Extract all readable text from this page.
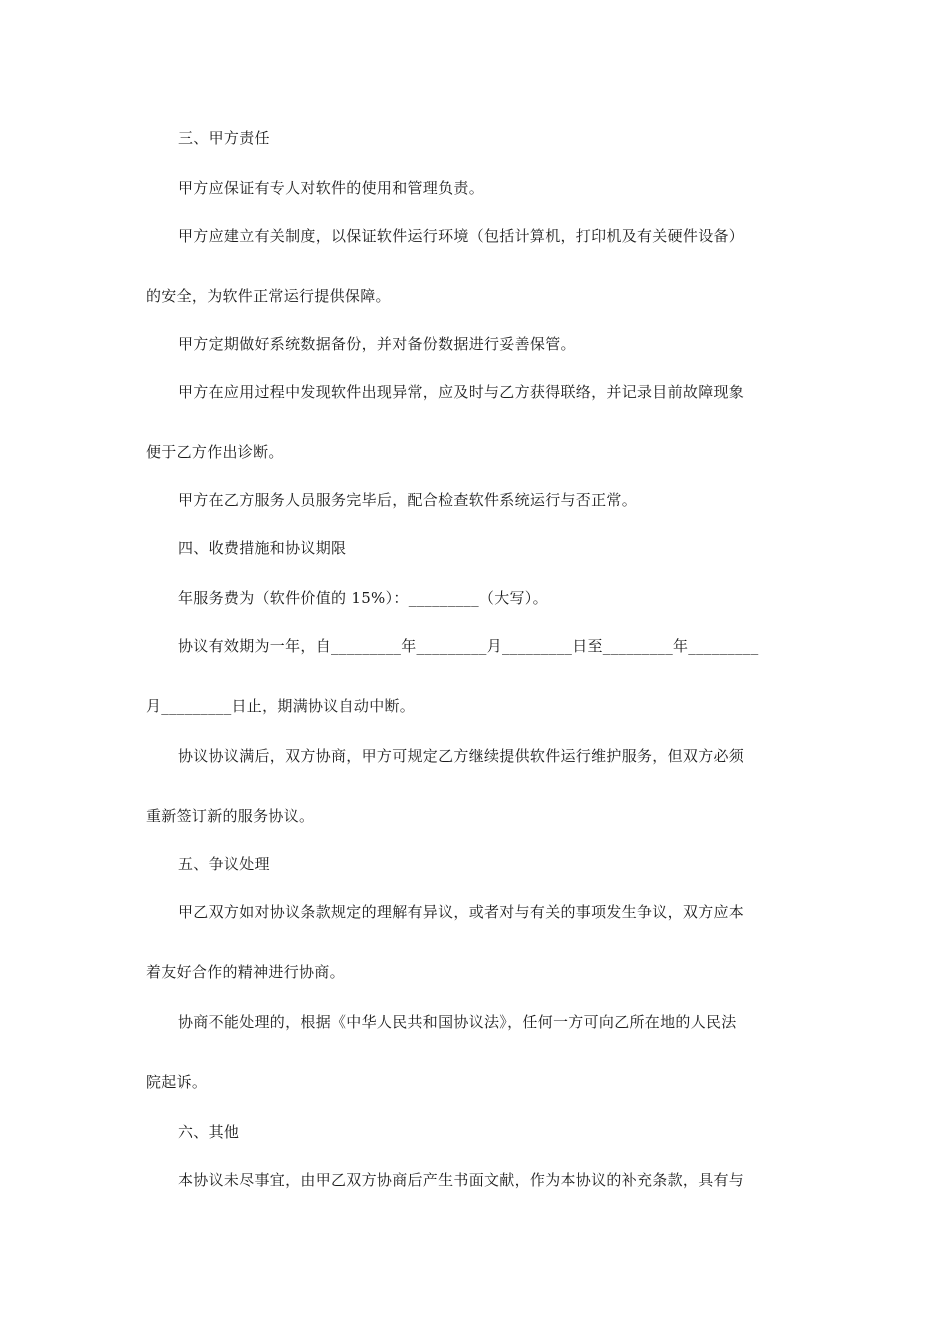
三、甲方责任
甲方应保证有专人对软件的使用和管理负责。
甲方应建立有关制度，以保证软件运行环境（包括计算机，打印机及有关硬件设备）
的安全，为软件正常运行提供保障。
甲方定期做好系统数据备份，并对备份数据进行妥善保管。
甲方在应用过程中发现软件出现异常，应及时与乙方获得联络，并记录目前故障现象
便于乙方作出诊断。
甲方在乙方服务人员服务完毕后，配合检查软件系统运行与否正常。
四、收费措施和协议期限
年服务费为（软件价值的 15%）：_________（大写）。
协议有效期为一年，自_________年_________月_________日至_________年_________
月_________日止，期满协议自动中断。
协议协议满后，双方协商，甲方可规定乙方继续提供软件运行维护服务，但双方必须
重新签订新的服务协议。
五、争议处理
甲乙双方如对协议条款规定的理解有异议，或者对与有关的事项发生争议，双方应本
着友好合作的精神进行协商。
协商不能处理的，根据《中华人民共和国协议法》，任何一方可向乙所在地的人民法
院起诉。
六、其他
本协议未尽事宜，由甲乙双方协商后产生书面文献，作为本协议的补充条款，具有与
